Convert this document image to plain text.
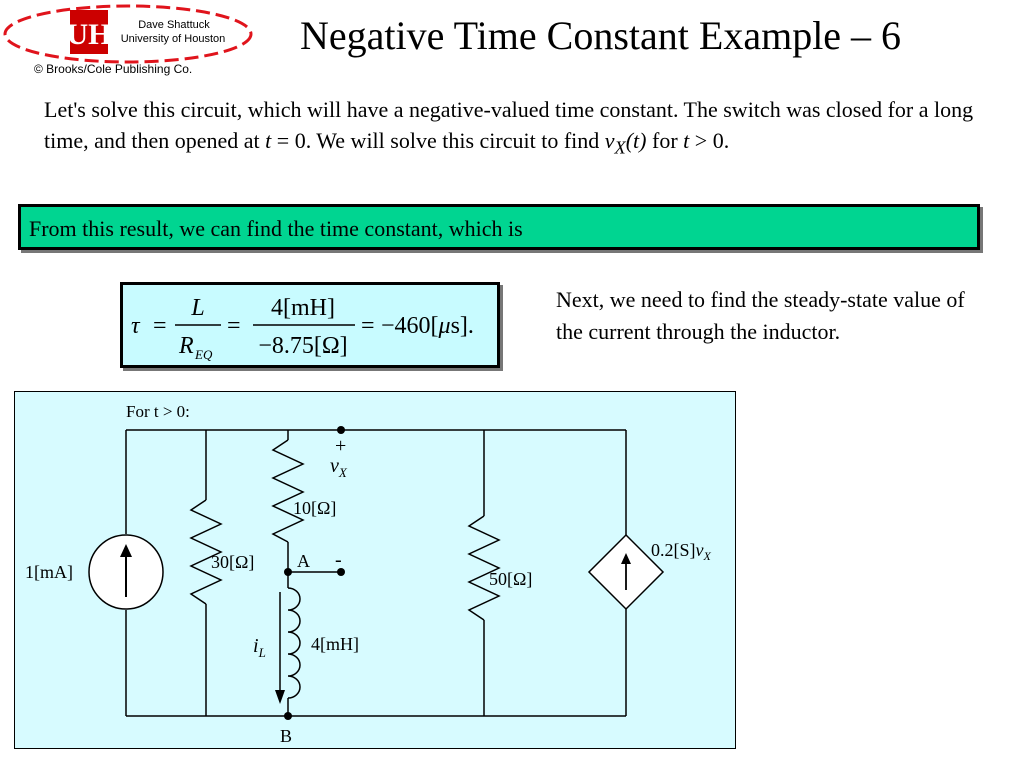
UH	Dave Shattuck
University of Houston
© Brooks/Cole Publishing Co.
Negative Time Constant Example – 6
Let's solve this circuit, which will have a negative-valued time constant. The switch was closed for a long time, and then opened at t = 0. We will solve this circuit to find $v_X(t)$ for t > 0.
From this result, we can find the time constant, which is
τ =
L
R EQ
=
4[mH]
−8.75[Ω]
= −460[μs].
Next, we need to find the steady-state value of the current through the inductor.
For t > 0:
1[mA]	30[Ω]
10[Ω]
50[Ω]
+
-
$v_X$
A
B
4[mH]
$i_L$
$0.2[S]v_X$
